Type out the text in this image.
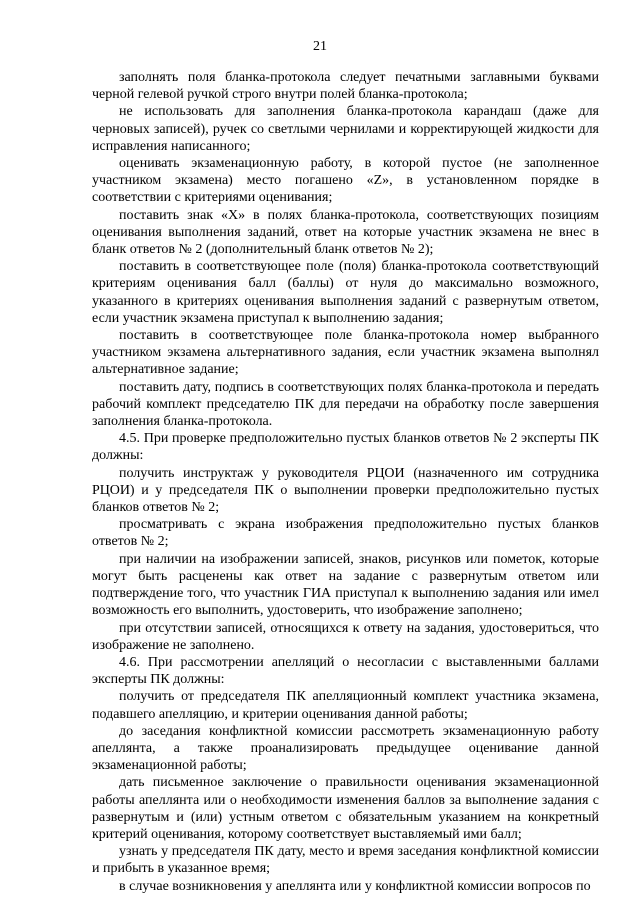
21

заполнять поля бланка-протокола следует печатными заглавными буквами черной гелевой ручкой строго внутри полей бланка-протокола;

не использовать для заполнения бланка-протокола карандаш (даже для черновых записей), ручек со светлыми чернилами и корректирующей жидкости для исправления написанного;

оценивать экзаменационную работу, в которой пустое (не заполненное участником экзамена) место погашено «Z», в установленном порядке в соответствии с критериями оценивания;

поставить знак «X» в полях бланка-протокола, соответствующих позициям оценивания выполнения заданий, ответ на которые участник экзамена не внес в бланк ответов № 2 (дополнительный бланк ответов № 2);

поставить в соответствующее поле (поля) бланка-протокола соответствующий критериям оценивания балл (баллы) от нуля до максимально возможного, указанного в критериях оценивания выполнения заданий с развернутым ответом, если участник экзамена приступал к выполнению задания;

поставить в соответствующее поле бланка-протокола номер выбранного участником экзамена альтернативного задания, если участник экзамена выполнял альтернативное задание;

поставить дату, подпись в соответствующих полях бланка-протокола и передать рабочий комплект председателю ПК для передачи на обработку после завершения заполнения бланка-протокола.

4.5. При проверке предположительно пустых бланков ответов № 2 эксперты ПК должны:

получить инструктаж у руководителя РЦОИ (назначенного им сотрудника РЦОИ) и у председателя ПК о выполнении проверки предположительно пустых бланков ответов № 2;

просматривать с экрана изображения предположительно пустых бланков ответов № 2;

при наличии на изображении записей, знаков, рисунков или пометок, которые могут быть расценены как ответ на задание с развернутым ответом или подтверждение того, что участник ГИА приступал к выполнению задания или имел возможность его выполнить, удостоверить, что изображение заполнено;

при отсутствии записей, относящихся к ответу на задания, удостовериться, что изображение не заполнено.

4.6. При рассмотрении апелляций о несогласии с выставленными баллами эксперты ПК должны:

получить от председателя ПК апелляционный комплект участника экзамена, подавшего апелляцию, и критерии оценивания данной работы;

до заседания конфликтной комиссии рассмотреть экзаменационную работу апеллянта, а также проанализировать предыдущее оценивание данной экзаменационной работы;

дать письменное заключение о правильности оценивания экзаменационной работы апеллянта или о необходимости изменения баллов за выполнение задания с развернутым и (или) устным ответом с обязательным указанием на конкретный критерий оценивания, которому соответствует выставляемый ими балл;

узнать у председателя ПК дату, место и время заседания конфликтной комиссии и прибыть в указанное время;

в случае возникновения у апеллянта или у конфликтной комиссии вопросов по
